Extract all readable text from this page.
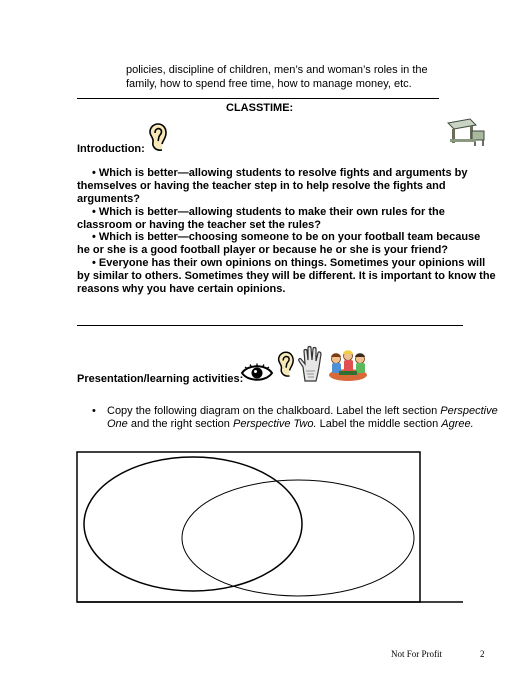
policies, discipline of children, men’s and woman’s roles in the
family, how to spend free time, how to manage money, etc.
CLASSTIME:
Introduction:
• Which is better—allowing students to resolve fights and arguments by
themselves or having the teacher step in to help resolve the fights and
arguments?
• Which is better—allowing students to make their own rules for the
classroom or having the teacher set the rules?
• Which is better—choosing someone to be on your football team because
he or she is a good football player or because he or she is your friend?
• Everyone has their own opinions on things. Sometimes your opinions will
by similar to others. Sometimes they will be different. It is important to know the
reasons why you have certain opinions.
Presentation/learning activities:
• Copy the following diagram on the chalkboard. Label the left section Perspective
One and the right section Perspective Two. Label the middle section Agree.
Not For Profit	2
